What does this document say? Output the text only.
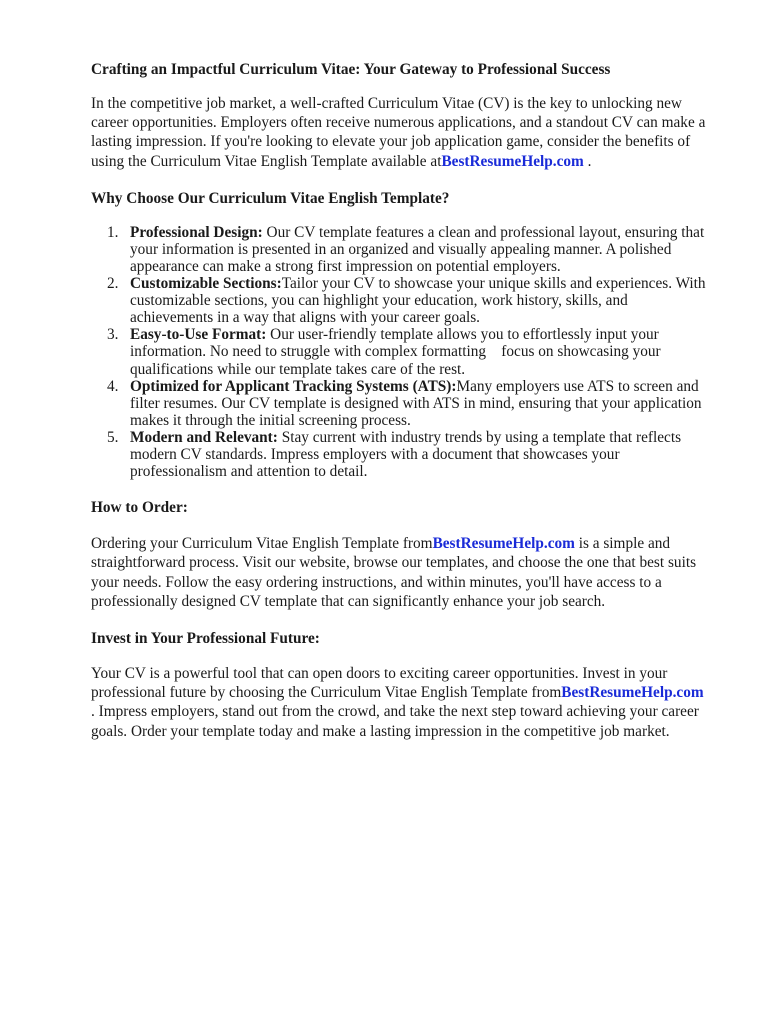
Crafting an Impactful Curriculum Vitae: Your Gateway to Professional Success

In the competitive job market, a well-crafted Curriculum Vitae (CV) is the key to unlocking new career opportunities. Employers often receive numerous applications, and a standout CV can make a lasting impression. If you're looking to elevate your job application game, consider the benefits of using the Curriculum Vitae English Template available atBestResumeHelp.com .

Why Choose Our Curriculum Vitae English Template?
1. Professional Design: Our CV template features a clean and professional layout, ensuring that your information is presented in an organized and visually appealing manner. A polished appearance can make a strong first impression on potential employers.
2. Customizable Sections:Tailor your CV to showcase your unique skills and experiences. With customizable sections, you can highlight your education, work history, skills, and achievements in a way that aligns with your career goals.
3. Easy-to-Use Format: Our user-friendly template allows you to effortlessly input your information. No need to struggle with complex formatting    focus on showcasing your qualifications while our template takes care of the rest.
4. Optimized for Applicant Tracking Systems (ATS):Many employers use ATS to screen and filter resumes. Our CV template is designed with ATS in mind, ensuring that your application makes it through the initial screening process.
5. Modern and Relevant: Stay current with industry trends by using a template that reflects modern CV standards. Impress employers with a document that showcases your professionalism and attention to detail.
How to Order:

Ordering your Curriculum Vitae English Template fromBestResumeHelp.com is a simple and straightforward process. Visit our website, browse our templates, and choose the one that best suits your needs. Follow the easy ordering instructions, and within minutes, you'll have access to a professionally designed CV template that can significantly enhance your job search.

Invest in Your Professional Future:

Your CV is a powerful tool that can open doors to exciting career opportunities. Invest in your professional future by choosing the Curriculum Vitae English Template fromBestResumeHelp.com . Impress employers, stand out from the crowd, and take the next step toward achieving your career goals. Order your template today and make a lasting impression in the competitive job market.
